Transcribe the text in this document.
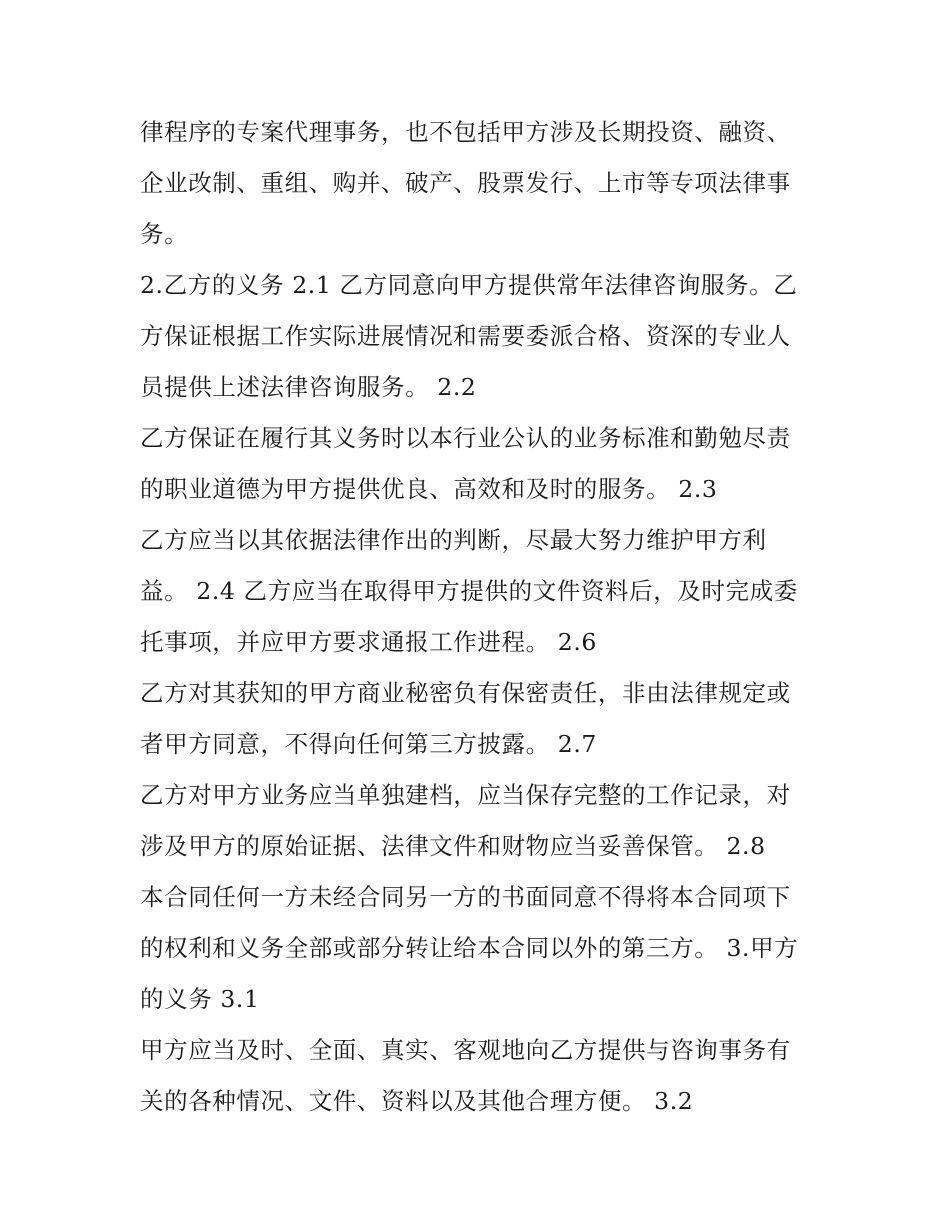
律程序的专案代理事务，也不包括甲方涉及长期投资、融资、
企业改制、重组、购并、破产、股票发行、上市等专项法律事
务。
2.乙方的义务 2.1 乙方同意向甲方提供常年法律咨询服务。乙
方保证根据工作实际进展情况和需要委派合格、资深的专业人
员提供上述法律咨询服务。 2.2
乙方保证在履行其义务时以本行业公认的业务标准和勤勉尽责
的职业道德为甲方提供优良、高效和及时的服务。 2.3
乙方应当以其依据法律作出的判断，尽最大努力维护甲方利
益。 2.4 乙方应当在取得甲方提供的文件资料后，及时完成委
托事项，并应甲方要求通报工作进程。 2.6
乙方对其获知的甲方商业秘密负有保密责任，非由法律规定或
者甲方同意，不得向任何第三方披露。 2.7
乙方对甲方业务应当单独建档，应当保存完整的工作记录，对
涉及甲方的原始证据、法律文件和财物应当妥善保管。 2.8
本合同任何一方未经合同另一方的书面同意不得将本合同项下
的权利和义务全部或部分转让给本合同以外的第三方。 3.甲方
的义务 3.1
甲方应当及时、全面、真实、客观地向乙方提供与咨询事务有
关的各种情况、文件、资料以及其他合理方便。 3.2
